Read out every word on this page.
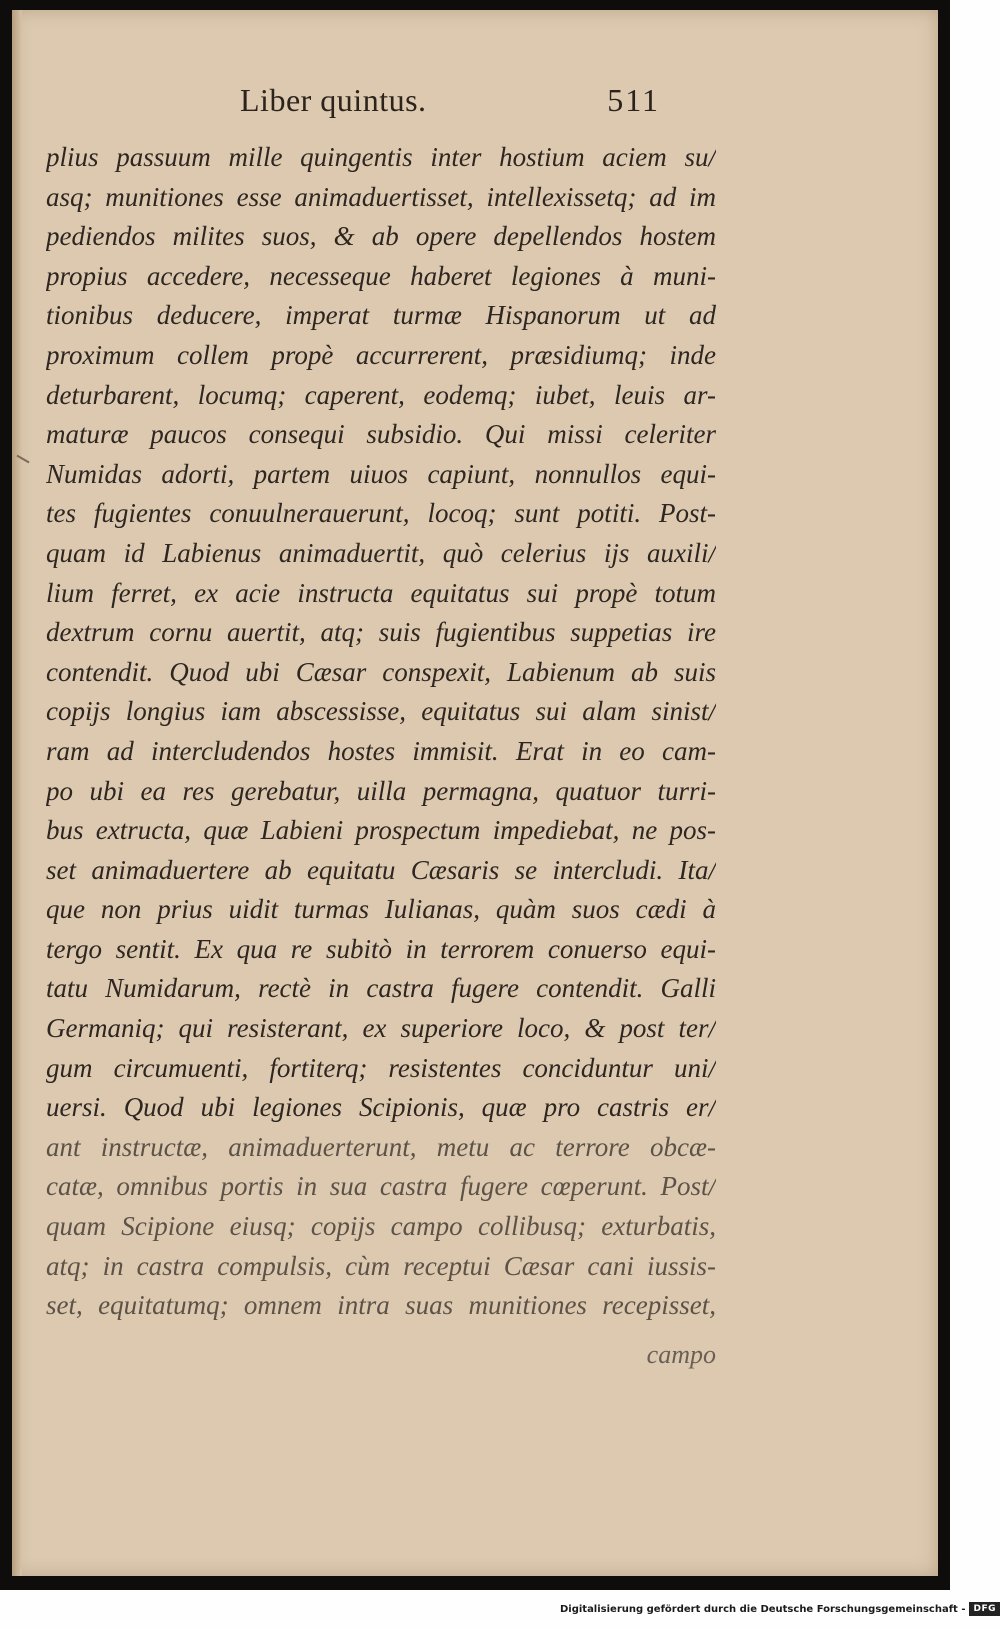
Liber quintus.	511
plius passuum mille quingentis inter hostium aciem su/
asq; munitiones esse animaduertisset, intellexissetq; ad im
pediendos milites suos, & ab opere depellendos hostem
propius accedere, necesseque haberet legiones à muni-
tionibus deducere, imperat turmæ Hispanorum ut ad
proximum collem propè accurrerent, præsidiumq; inde
deturbarent, locumq; caperent, eodemq; iubet, leuis ar-
maturæ paucos consequi subsidio. Qui missi celeriter
Numidas adorti, partem uiuos capiunt, nonnullos equi-
tes fugientes conuulnerauerunt, locoq; sunt potiti. Post-
quam id Labienus animaduertit, quò celerius ijs auxili/
lium ferret, ex acie instructa equitatus sui propè totum
dextrum cornu auertit, atq; suis fugientibus suppetias ire
contendit. Quod ubi Cæsar conspexit, Labienum ab suis
copijs longius iam abscessisse, equitatus sui alam sinist/
ram ad intercludendos hostes immisit. Erat in eo cam-
po ubi ea res gerebatur, uilla permagna, quatuor turri-
bus extructa, quæ Labieni prospectum impediebat, ne pos-
set animaduertere ab equitatu Cæsaris se intercludi. Ita/
que non prius uidit turmas Iulianas, quàm suos cædi à
tergo sentit. Ex qua re subitò in terrorem conuerso equi-
tatu Numidarum, rectè in castra fugere contendit. Galli
Germaniq; qui resisterant, ex superiore loco, & post ter/
gum circumuenti, fortiterq; resistentes conciduntur uni/
uersi. Quod ubi legiones Scipionis, quæ pro castris er/
ant instructæ, animaduerterunt, metu ac terrore obcæ-
catæ, omnibus portis in sua castra fugere cœperunt. Post/
quam Scipione eiusq; copijs campo collibusq; exturbatis,
atq; in castra compulsis, cùm receptui Cæsar cani iussis-
set, equitatumq; omnem intra suas munitiones recepisset,
campo
Digitalisierung gefördert durch die Deutsche Forschungsgemeinschaft - DFG
